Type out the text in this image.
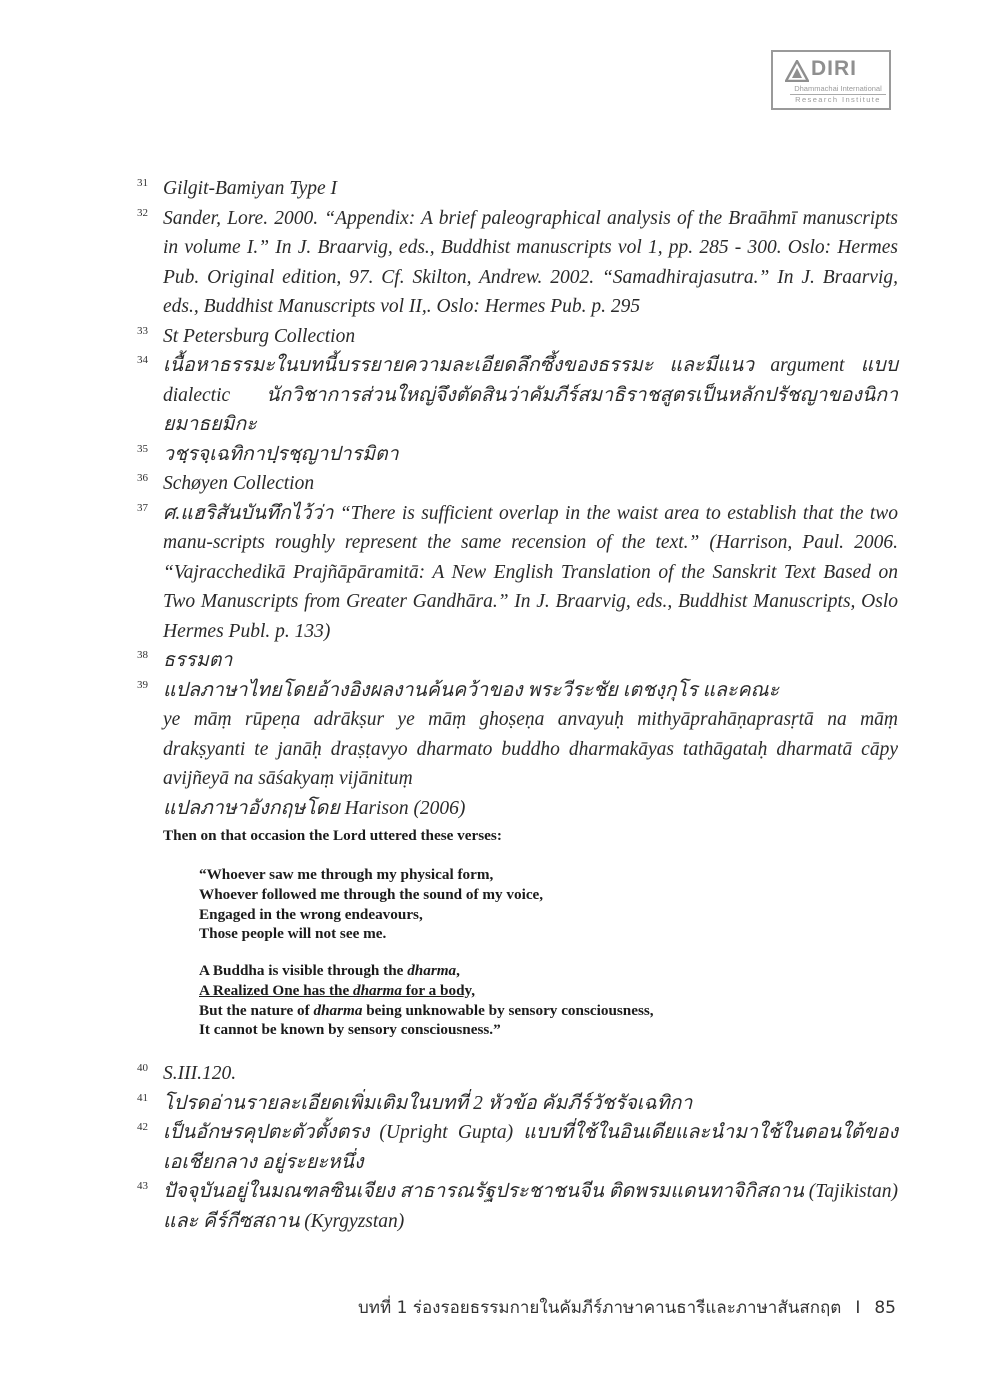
DIRI
Dhammachai International
Research Institute
31 Gilgit-Bamiyan Type I
32 Sander, Lore. 2000. “Appendix: A brief paleographical analysis of the Braāhmī manuscripts in volume I.” In J. Braarvig, eds., Buddhist manuscripts vol 1, pp. 285 - 300. Oslo: Hermes Pub. Original edition, 97. Cf. Skilton, Andrew. 2002. “Samadhirajasutra.” In J. Braarvig, eds., Buddhist Manuscripts vol II,. Oslo: Hermes Pub. p. 295
33 St Petersburg Collection
34 เนื้อหาธรรมะในบทนี้บรรยายความละเอียดลึกซึ้งของธรรมะ และมีแนว argument แบบ dialectic นักวิชาการส่วนใหญ่จึงตัดสินว่าคัมภีร์สมาธิราชสูตรเป็นหลักปรัชญาของนิกายมาธยมิกะ
35 วชฺรจฺเฉทิกาปฺรชฺญาปารมิตา
36 Schøyen Collection
37 ศ.แฮริสันบันทึกไว้ว่า “There is sufficient overlap in the waist area to establish that the two manu-scripts roughly represent the same recension of the text.” (Harrison, Paul. 2006. “Vajracchedikā Prajñāpāramitā: A New English Translation of the Sanskrit Text Based on Two Manuscripts from Greater Gandhāra.” In J. Braarvig, eds., Buddhist Manuscripts, Oslo Hermes Publ. p. 133)
38 ธรรมตา
39 แปลภาษาไทยโดยอ้างอิงผลงานค้นคว้าของ พระวีระชัย เตชงฺกุโร และคณะ
ye māṃ rūpeṇa adrākṣur ye māṃ ghoṣeṇa anvayuḥ mithyāprahāṇaprasṛtā na māṃ drakṣyanti te janāḥ draṣṭavyo dharmato buddho dharmakāyas tathāgataḥ dharmatā cāpy avijñeyā na sāśakyaṃ vijānituṃ
แปลภาษาอังกฤษโดย Harison (2006)
Then on that occasion the Lord uttered these verses:
“Whoever saw me through my physical form,
Whoever followed me through the sound of my voice,
Engaged in the wrong endeavours,
Those people will not see me.
A Buddha is visible through the dharma,
A Realized One has the dharma for a body,
But the nature of dharma being unknowable by sensory consciousness,
It cannot be known by sensory consciousness.”
40 S.III.120.
41 โปรดอ่านรายละเอียดเพิ่มเติมในบทที่ 2 หัวข้อ คัมภีร์วัชรัจเฉทิกา
42 เป็นอักษรคุปตะตัวตั้งตรง (Upright Gupta) แบบที่ใช้ในอินเดียและนำมาใช้ในตอนใต้ของเอเชียกลาง อยู่ระยะหนึ่ง
43 ปัจจุบันอยู่ในมณฑลซินเจียง สาธารณรัฐประชาชนจีน ติดพรมแดนทาจิกิสถาน (Tajikistan) และ คีร์กีซสถาน (Kyrgyzstan)
บทที่ 1 ร่องรอยธรรมกายในคัมภีร์ภาษาคานธารีและภาษาสันสกฤต I 85
